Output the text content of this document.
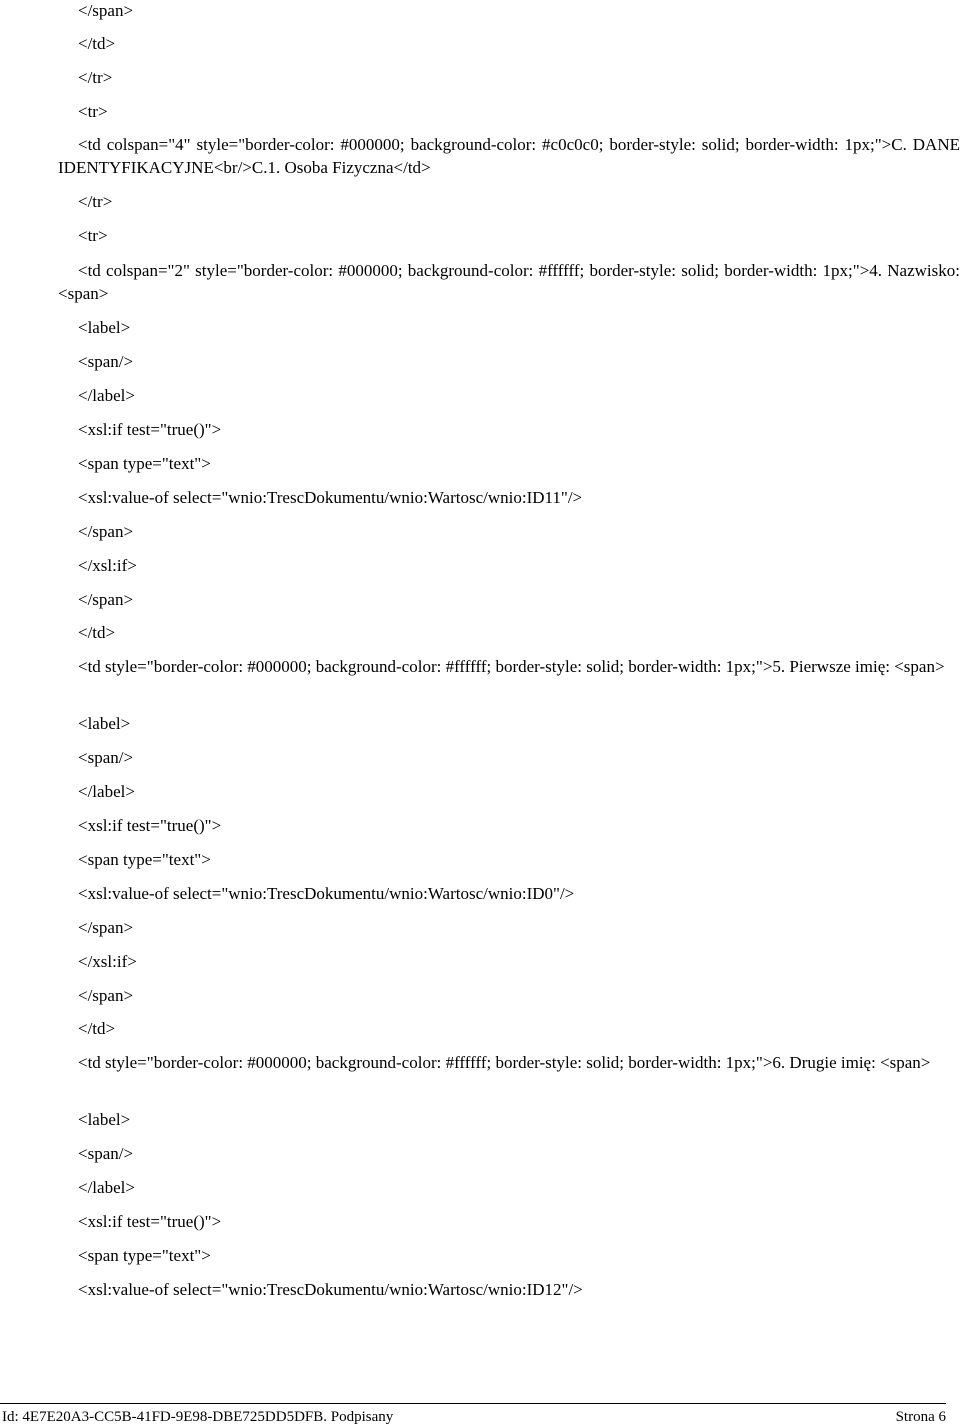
</span>
</td>
</tr>
<tr>
<td colspan="4" style="border-color: #000000; background-color: #c0c0c0; border-style: solid; border-width: 1px;">C. DANE IDENTYFIKACYJNE<br/>C.1. Osoba Fizyczna</td>
</tr>
<tr>
<td colspan="2" style="border-color: #000000; background-color: #ffffff; border-style: solid; border-width: 1px;">4. Nazwisko: <span>
<label>
<span/>
</label>
<xsl:if test="true()">
<span type="text">
<xsl:value-of select="wnio:TrescDokumentu/wnio:Wartosc/wnio:ID11"/>
</span>
</xsl:if>
</span>
</td>
<td style="border-color: #000000; background-color: #ffffff; border-style: solid; border-width: 1px;">5. Pierwsze imię: <span>
<label>
<span/>
</label>
<xsl:if test="true()">
<span type="text">
<xsl:value-of select="wnio:TrescDokumentu/wnio:Wartosc/wnio:ID0"/>
</span>
</xsl:if>
</span>
</td>
<td style="border-color: #000000; background-color: #ffffff; border-style: solid; border-width: 1px;">6. Drugie imię: <span>
<label>
<span/>
</label>
<xsl:if test="true()">
<span type="text">
<xsl:value-of select="wnio:TrescDokumentu/wnio:Wartosc/wnio:ID12"/>
Id: 4E7E20A3-CC5B-41FD-9E98-DBE725DD5DFB. Podpisany	Strona 6
